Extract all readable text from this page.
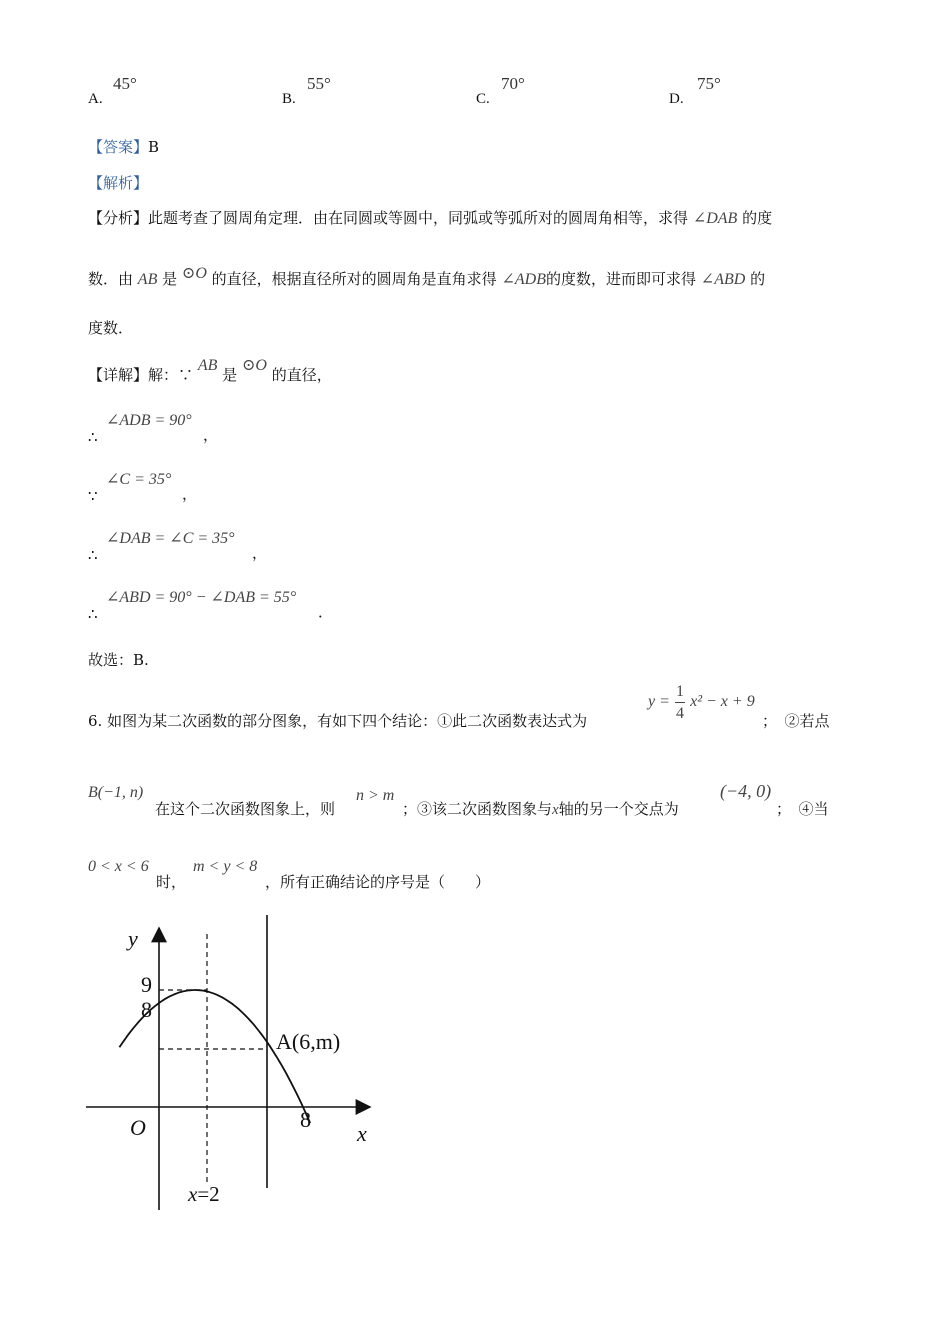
A.
45°
B.
55°
C.
70°
D.
75°
【答案】B
【解析】
【分析】此题考查了圆周角定理．由在同圆或等圆中，同弧或等弧所对的圆周角相等，求得 ∠DAB 的度
数．由 AB 是 ⊙O 的直径，根据直径所对的圆周角是直角求得 ∠ADB的度数，进而即可求得 ∠ABD 的
度数．
【详解】解：∵ AB 是 ⊙O 的直径，
∴
∠ADB = 90°
，
∵
∠C = 35°
，
∴
∠DAB = ∠C = 35°
，
∴
∠ABD = 90° − ∠DAB = 55°
．
故选：B.
6. 如图为某二次函数的部分图象，有如下四个结论：①此二次函数表达式为
$y = \frac{1}{4} x^2 - x + 9$
；　②若点
B(−1, n)
在这个二次函数图象上，则
n > m
；③该二次函数图象与x轴的另一个交点为
(−4, 0)
；　④当
0 < x < 6
时，
m < y < 8
，所有正确结论的序号是（　　）
y
x
O
9
8
8
A(6,m)
x=2
